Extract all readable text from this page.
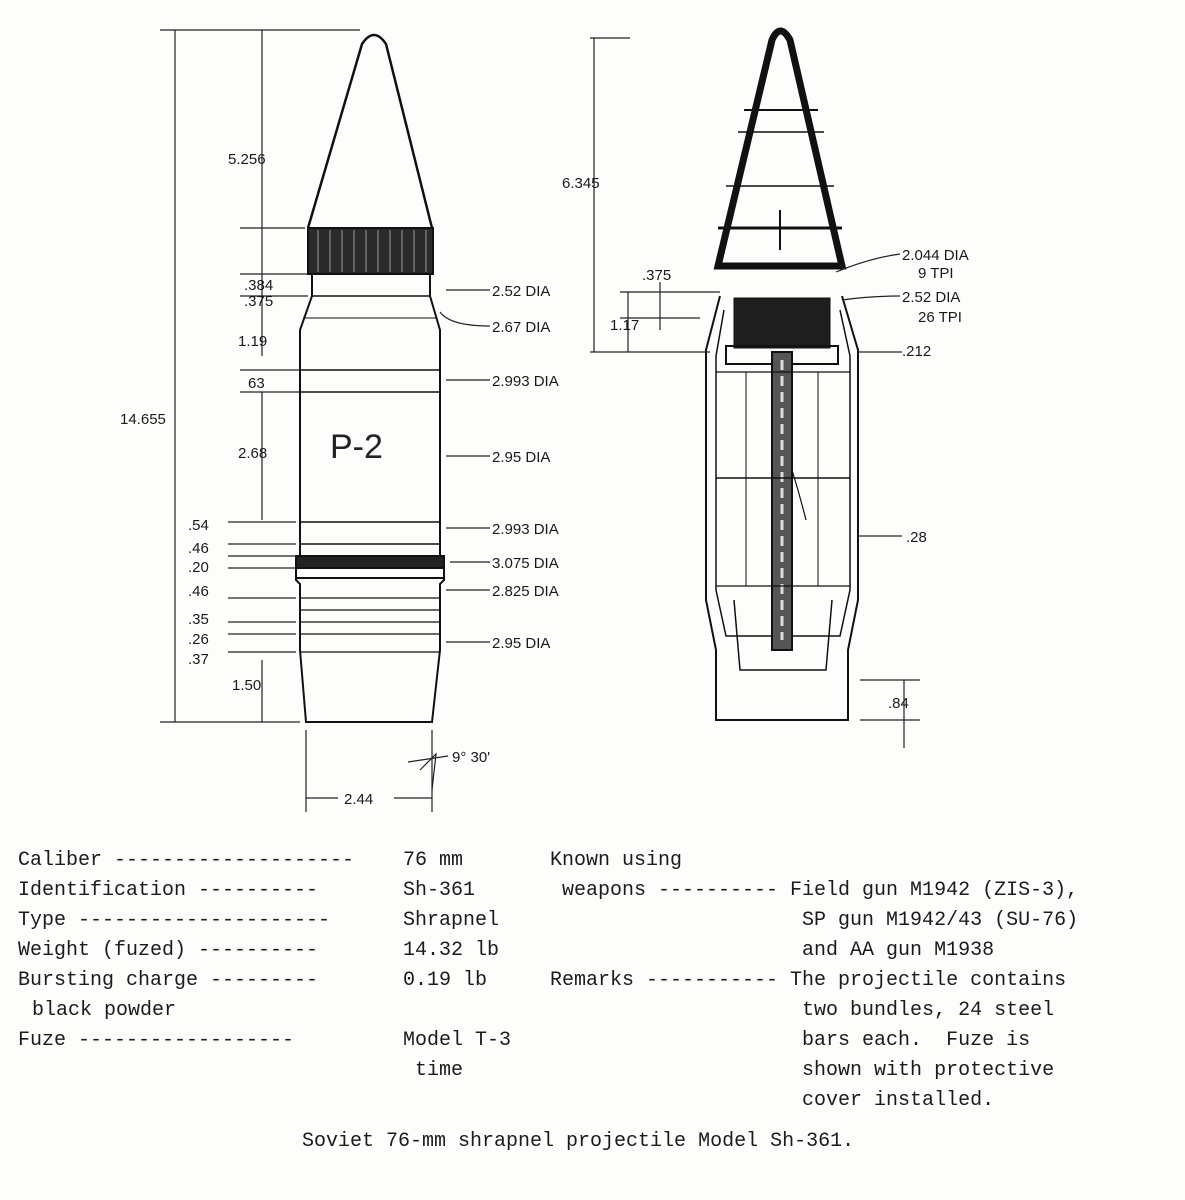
P-2
5.256
14.655
.384
.375
1.19
63
2.68
1.50
2.44
9° 30'
.54
.46
.20
.46
.35
.26
.37
2.52 DIA
2.67 DIA
2.993 DIA
2.95 DIA
2.993 DIA
3.075 DIA
2.825 DIA
2.95 DIA
6.345
.375
1.17
2.044 DIA
9 TPI
2.52 DIA
26 TPI
.212
.28
.84
Caliber -------------------- 76 mm
Identification ----------	Sh-361
Type ---------------------	Shrapnel
Weight (fuzed) ----------	14.32 lb
Bursting charge ---------	0.19 lb
black powder
Fuze ------------------	Model T-3
time
Known using
weapons ---------- Field gun M1942 (ZIS-3),
SP gun M1942/43 (SU-76)
and AA gun M1938
Remarks ----------- The projectile contains
two bundles, 24 steel
bars each.  Fuze is
shown with protective
cover installed.
Soviet 76-mm shrapnel projectile Model Sh-361.
